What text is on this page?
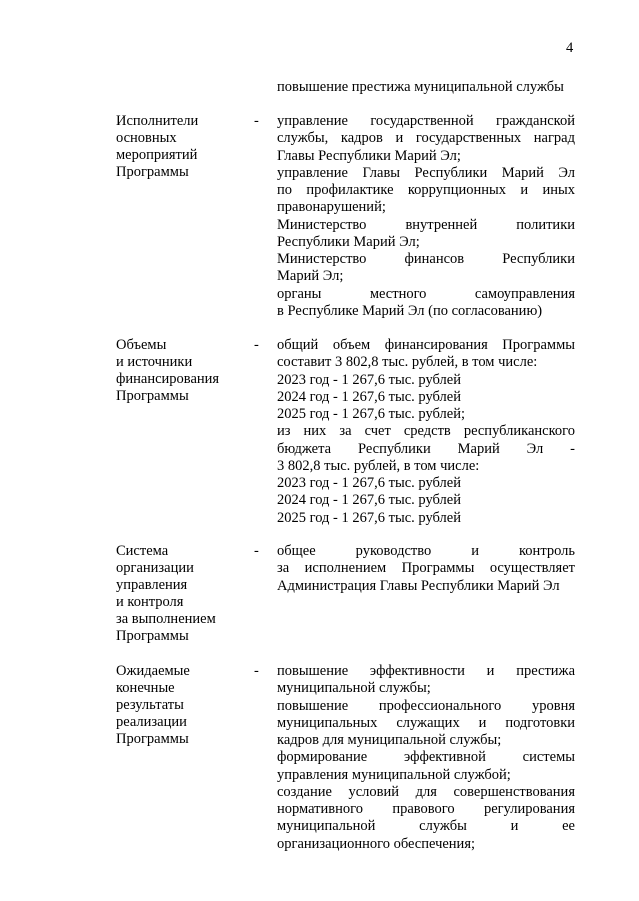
4
повышение престижа муниципальной службы
Исполнители
основных
мероприятий
Программы
- управление государственной гражданской
службы, кадров и государственных наград
Главы Республики Марий Эл;
управление Главы Республики Марий Эл
по профилактике коррупционных и иных
правонарушений;
Министерство внутренней политики
Республики Марий Эл;
Министерство финансов Республики
Марий Эл;
органы местного самоуправления
в Республике Марий Эл (по согласованию)
Объемы
и источники
финансирования
Программы
- общий объем финансирования Программы
составит 3 802,8 тыс. рублей, в том числе:
2023 год - 1 267,6 тыс. рублей
2024 год - 1 267,6 тыс. рублей
2025 год - 1 267,6 тыс. рублей;
из них за счет средств республиканского
бюджета Республики Марий Эл -
3 802,8 тыс. рублей, в том числе:
2023 год - 1 267,6 тыс. рублей
2024 год - 1 267,6 тыс. рублей
2025 год - 1 267,6 тыс. рублей
Система
организации
управления
и контроля
за выполнением
Программы
- общее руководство и контроль
за исполнением Программы осуществляет
Администрация Главы Республики Марий Эл
Ожидаемые
конечные
результаты
реализации
Программы
- повышение эффективности и престижа
муниципальной службы;
повышение профессионального уровня
муниципальных служащих и подготовки
кадров для муниципальной службы;
формирование эффективной системы
управления муниципальной службой;
создание условий для совершенствования
нормативного правового регулирования
муниципальной службы и ее
организационного обеспечения;
